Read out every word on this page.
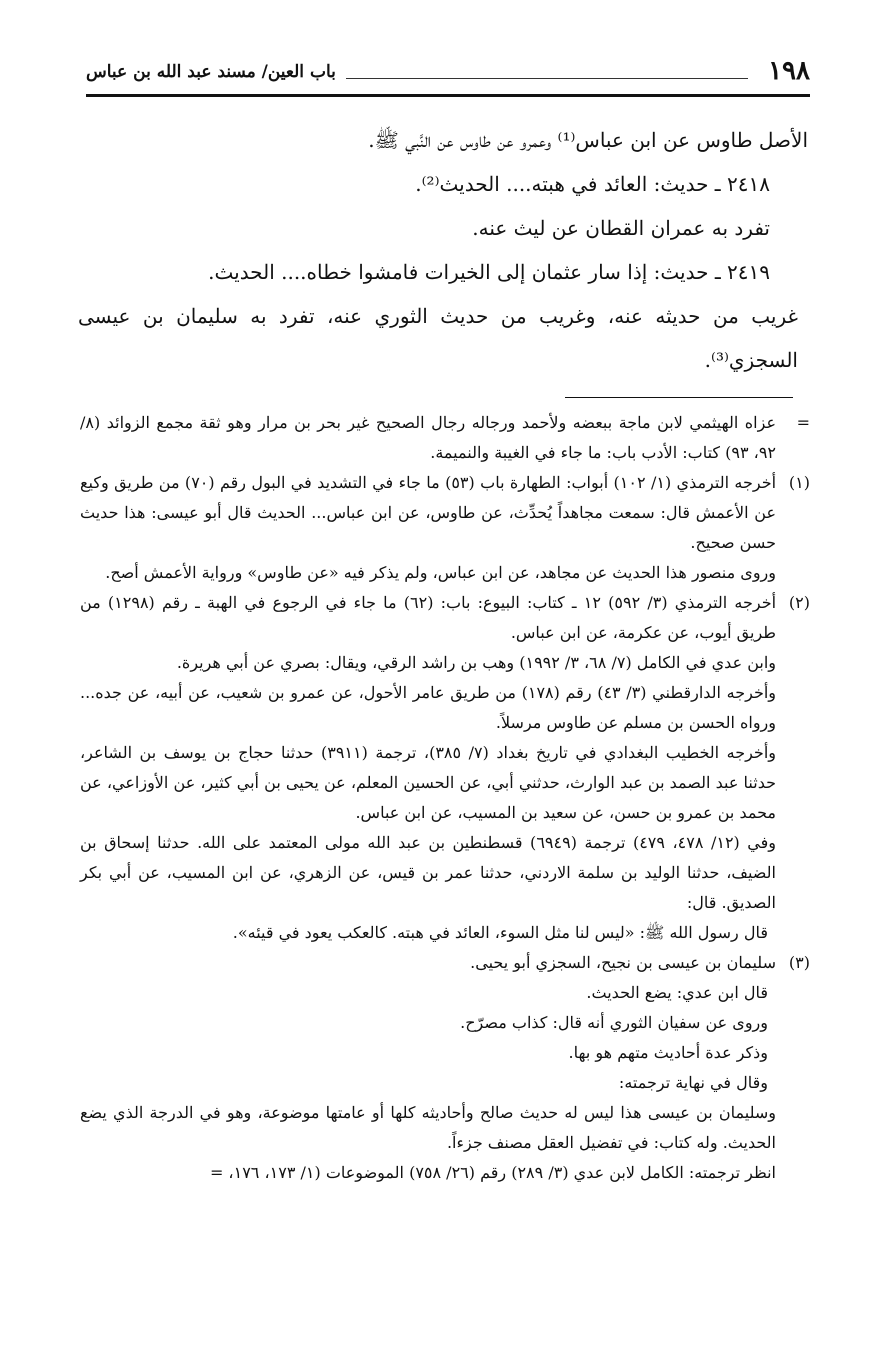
١٩٨
باب العين/ مسند عبد الله بن عباس

الأصل طاوس عن ابن عباس⁽¹⁾ وعمرو عن طاوس عن النَّبي ﷺ.

٢٤١٨ ـ حديث: العائد في هبته.... الحديث⁽²⁾.

تفرد به عمران القطان عن ليث عنه.

٢٤١٩ ـ حديث: إذا سار عثمان إلى الخيرات فامشوا خطاه.... الحديث.

غريب من حديثه عنه، وغريب من حديث الثوري عنه، تفرد به سليمان بن عيسى السجزي⁽³⁾.

=

عزاه الهيثمي لابن ماجة ببعضه ولأحمد ورجاله رجال الصحيح غير بحر بن مرار وهو ثقة مجمع الزوائد (٨/ ٩٢، ٩٣) كتاب: الأدب باب: ما جاء في الغيبة والنميمة.

(١)

أخرجه الترمذي (١/ ١٠٢) أبواب: الطهارة باب (٥٣) ما جاء في التشديد في البول رقم (٧٠) من طريق وكيع عن الأعمش قال: سمعت مجاهداً يُحدِّث، عن طاوس، عن ابن عباس... الحديث قال أبو عيسى: هذا حديث حسن صحيح.

وروى منصور هذا الحديث عن مجاهد، عن ابن عباس، ولم يذكر فيه «عن طاوس» ورواية الأعمش أصح.

(٢)

أخرجه الترمذي (٣/ ٥٩٢) ١٢ ـ كتاب: البيوع: باب: (٦٢) ما جاء في الرجوع في الهبة ـ رقم (١٢٩٨) من طريق أيوب، عن عكرمة، عن ابن عباس.

وابن عدي في الكامل (٧/ ٦٨، ٣/ ١٩٩٢) وهب بن راشد الرقي، ويقال: بصري عن أبي هريرة.

وأخرجه الدارقطني (٣/ ٤٣) رقم (١٧٨) من طريق عامر الأحول، عن عمرو بن شعيب، عن أبيه، عن جده... ورواه الحسن بن مسلم عن طاوس مرسلاً.

وأخرجه الخطيب البغدادي في تاريخ بغداد (٧/ ٣٨٥)، ترجمة (٣٩١١) حدثنا حجاج بن يوسف بن الشاعر، حدثنا عبد الصمد بن عبد الوارث، حدثني أبي، عن الحسين المعلم، عن يحيى بن أبي كثير، عن الأوزاعي، عن محمد بن عمرو بن حسن، عن سعيد بن المسيب، عن ابن عباس.

وفي (١٢/ ٤٧٨، ٤٧٩) ترجمة (٦٩٤٩) قسطنطين بن عبد الله مولى المعتمد على الله. حدثنا إسحاق بن الضيف، حدثنا الوليد بن سلمة الاردني، حدثنا عمر بن قيس، عن الزهري، عن ابن المسيب، عن أبي بكر الصديق. قال:

قال رسول الله ﷺ: «ليس لنا مثل السوء، العائد في هبته. كالعكب يعود في قيئه».

(٣)

سليمان بن عيسى بن نجيح، السجزي أبو يحيى.

قال ابن عدي: يضع الحديث.

وروى عن سفيان الثوري أنه قال: كذاب مصرّح.

وذكر عدة أحاديث متهم هو بها.

وقال في نهاية ترجمته:

وسليمان بن عيسى هذا ليس له حديث صالح وأحاديثه كلها أو عامتها موضوعة، وهو في الدرجة الذي يضع الحديث. وله كتاب: في تفضيل العقل مصنف جزءاً.

انظر ترجمته: الكامل لابن عدي (٣/ ٢٨٩) رقم (٢٦/ ٧٥٨) الموضوعات (١/ ١٧٣، ١٧٦، =
